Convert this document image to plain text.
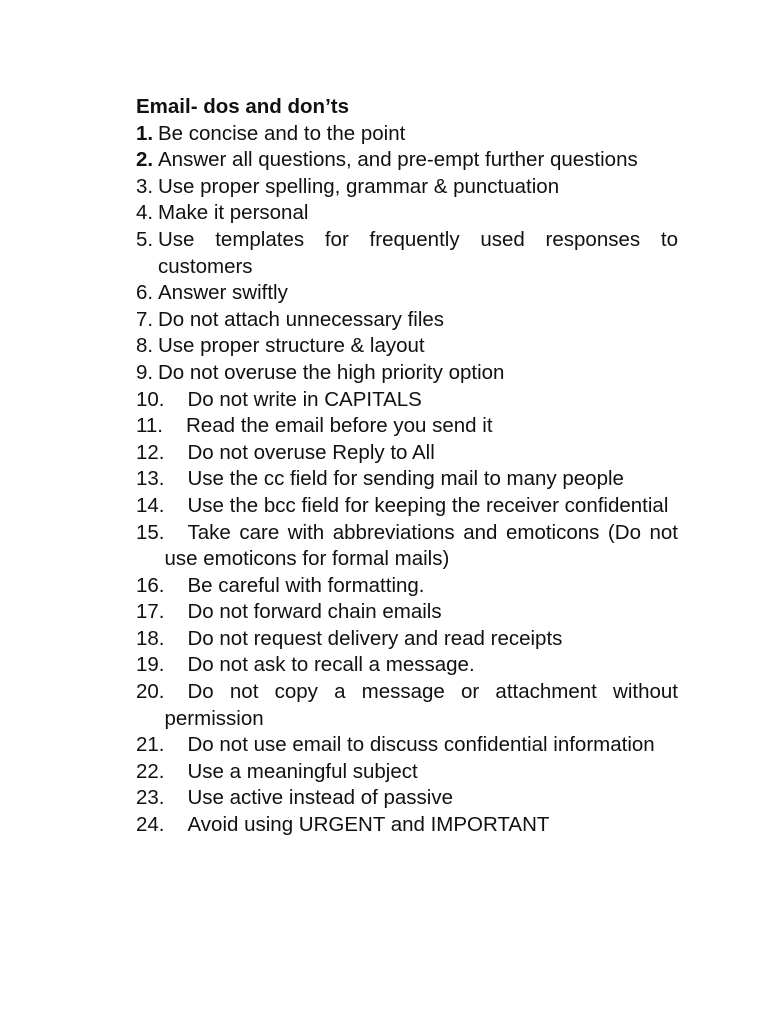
Email- dos and don’ts
1. Be concise and to the point
2. Answer all questions, and pre-empt further questions
3. Use proper spelling, grammar & punctuation
4. Make it personal
5. Use templates for frequently used responses to customers
6. Answer swiftly
7. Do not attach unnecessary files
8. Use proper structure & layout
9. Do not overuse the high priority option
10.	Do not write in CAPITALS
11.	Read the email before you send it
12.	Do not overuse Reply to All
13.	Use the cc field for sending mail to many people
14.	Use the bcc field for keeping the receiver confidential
15.	Take care with abbreviations and emoticons (Do not use emoticons for formal mails)
16.	Be careful with formatting.
17.	Do not forward chain emails
18.	Do not request delivery and read receipts
19.	Do not ask to recall a message.
20.	Do not copy a message or attachment without permission
21.	Do not use email to discuss confidential information
22.	Use a meaningful subject
23.	Use active instead of passive
24.	Avoid using URGENT and IMPORTANT
